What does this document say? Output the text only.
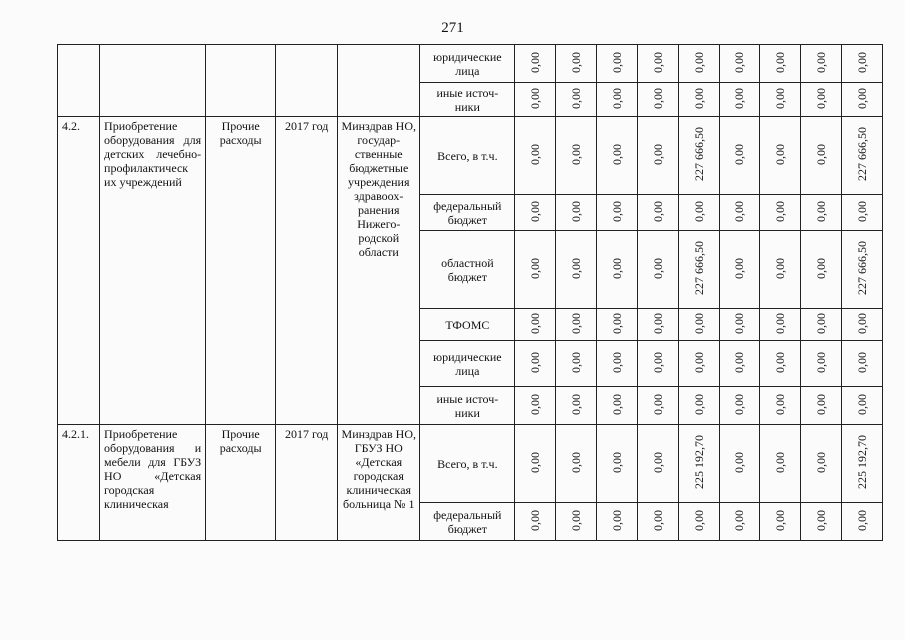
271
					юридические лица	0,00	0,00	0,00	0,00	0,00	0,00	0,00	0,00	0,00
					иные источ-ники	0,00	0,00	0,00	0,00	0,00	0,00	0,00	0,00	0,00
4.2.	Приобретение оборудования для детских лечебно-профилактическ их учреждений	Прочие расходы	2017 год	Минздрав НО, государ-ственные бюджетные учреждения здравоох-ранения Нижего-родской области	Всего, в т.ч.	0,00	0,00	0,00	0,00	227 666,50	0,00	0,00	0,00	227 666,50
					федеральный бюджет	0,00	0,00	0,00	0,00	0,00	0,00	0,00	0,00	0,00
					областной бюджет	0,00	0,00	0,00	0,00	227 666,50	0,00	0,00	0,00	227 666,50
					ТФОМС	0,00	0,00	0,00	0,00	0,00	0,00	0,00	0,00	0,00
					юридические лица	0,00	0,00	0,00	0,00	0,00	0,00	0,00	0,00	0,00
					иные источ-ники	0,00	0,00	0,00	0,00	0,00	0,00	0,00	0,00	0,00
4.2.1.	Приобретение оборудования и мебели для ГБУЗ НО «Детская городская клиническая	Прочие расходы	2017 год	Минздрав НО, ГБУЗ НО «Детская городская клиническая больница № 1	Всего, в т.ч.	0,00	0,00	0,00	0,00	225 192,70	0,00	0,00	0,00	225 192,70
					федеральный бюджет	0,00	0,00	0,00	0,00	0,00	0,00	0,00	0,00	0,00
